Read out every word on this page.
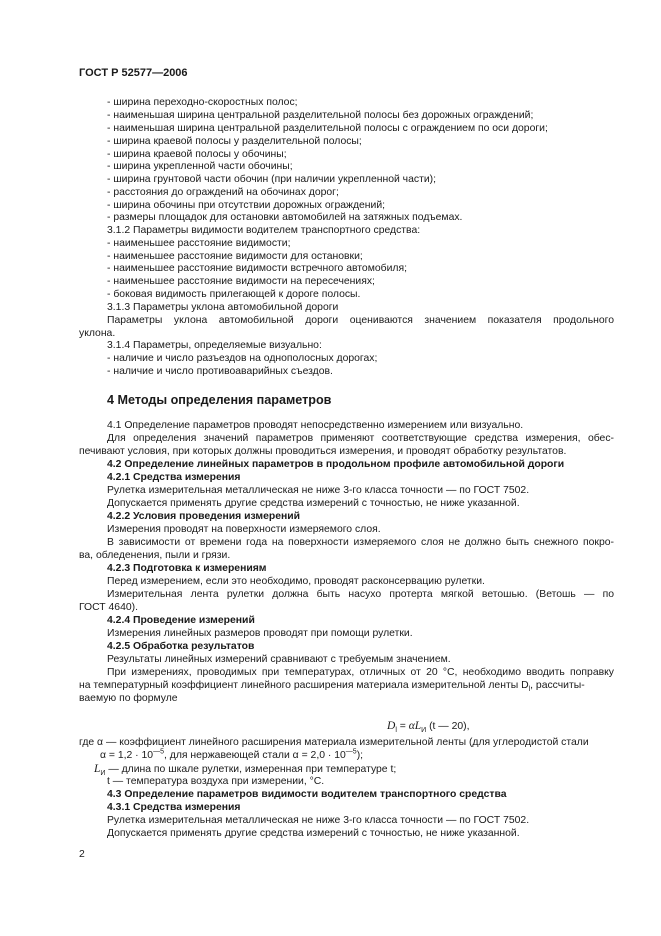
ГОСТ Р 52577—2006
- ширина переходно-скоростных полос;
- наименьшая ширина центральной разделительной полосы без дорожных ограждений;
- наименьшая ширина центральной разделительной полосы с ограждением по оси дороги;
- ширина краевой полосы у разделительной полосы;
- ширина краевой полосы у обочины;
- ширина укрепленной части обочины;
- ширина грунтовой части обочин (при наличии укрепленной части);
- расстояния до ограждений на обочинах дорог;
- ширина обочины при отсутствии дорожных ограждений;
- размеры площадок для остановки автомобилей на затяжных подъемах.
3.1.2 Параметры видимости водителем транспортного средства:
- наименьшее расстояние видимости;
- наименьшее расстояние видимости для остановки;
- наименьшее расстояние видимости встречного автомобиля;
- наименьшее расстояние видимости на пересечениях;
- боковая видимость прилегающей к дороге полосы.
3.1.3 Параметры уклона автомобильной дороги
Параметры уклона автомобильной дороги оцениваются значением показателя продольного
уклона.
3.1.4 Параметры, определяемые визуально:
- наличие и число разъездов на однополосных дорогах;
- наличие и число противоаварийных съездов.
4 Методы определения параметров
4.1 Определение параметров проводят непосредственно измерением или визуально.
Для определения значений параметров применяют соответствующие средства измерения, обес-
печивают условия, при которых должны проводиться измерения, и проводят обработку результатов.
4.2 Определение линейных параметров в продольном профиле автомобильной дороги
4.2.1 Средства измерения
Рулетка измерительная металлическая не ниже 3-го класса точности — по ГОСТ 7502.
Допускается применять другие средства измерений с точностью, не ниже указанной.
4.2.2 Условия проведения измерений
Измерения проводят на поверхности измеряемого слоя.
В зависимости от времени года на поверхности измеряемого слоя не должно быть снежного покро-
ва, обледенения, пыли и грязи.
4.2.3 Подготовка к измерениям
Перед измерением, если это необходимо, проводят расконсервацию рулетки.
Измерительная лента рулетки должна быть насухо протерта мягкой ветошью. (Ветошь — по
ГОСТ 4640).
4.2.4 Проведение измерений
Измерения линейных размеров проводят при помощи рулетки.
4.2.5 Обработка результатов
Результаты линейных измерений сравнивают с требуемым значением.
При измерениях, проводимых при температурах, отличных от 20 °С, необходимо вводить поправку
на температурный коэффициент линейного расширения материала измерительной ленты $D_l$, рассчиты-
ваемую по формуле
$D_l = \alpha L_И$ (t — 20),
где α — коэффициент линейного расширения материала измерительной ленты (для углеродистой стали
$\alpha = 1,2 \cdot 10^{—5}$, для нержавеющей стали $\alpha = 2,0 \cdot 10^{—5}$);
$L_И$ — длина по шкале рулетки, измеренная при температуре t;
t — температура воздуха при измерении, °С.
4.3 Определение параметров видимости водителем транспортного средства
4.3.1 Средства измерения
Рулетка измерительная металлическая не ниже 3-го класса точности — по ГОСТ 7502.
Допускается применять другие средства измерений с точностью, не ниже указанной.
2
